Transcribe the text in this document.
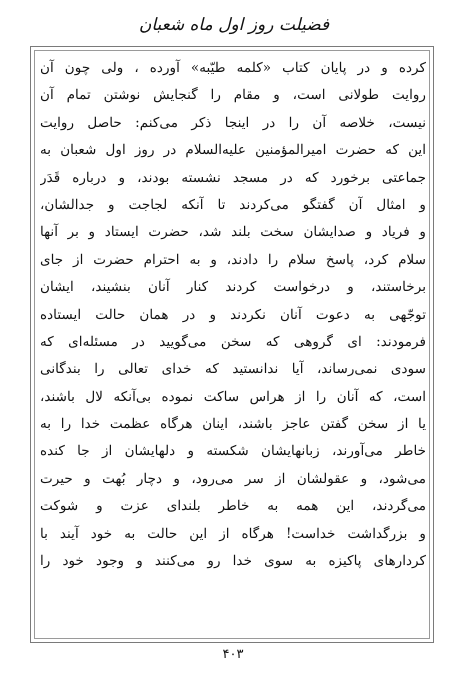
فضیلت روز اول ماه شعبان
کرده و در پایان کتاب «کلمه طیّبه» آورده ، ولی چون آن
روایت طولانی است، و مقام را گنجایش نوشتن تمام آن
نیست، خلاصه آن را در اینجا ذکر می‌کنم: حاصل روایت
این که حضرت امیرالمؤمنین عليه‌السلام در روز اول شعبان به
جماعتی برخورد که در مسجد نشسته بودند، و درباره قَدَر
و امثال آن گفتگو می‌کردند تا آنکه لجاجت و جدالشان،
و فریاد و صدایشان سخت بلند شد، حضرت ایستاد و بر آنها
سلام کرد، پاسخ سلام را دادند، و به احترام حضرت از جای
برخاستند، و درخواست کردند کنار آنان بنشیند، ایشان
توجّهی به دعوت آنان نکردند و در همان حالت ایستاده
فرمودند: ای گروهی که سخن می‌گویید در مسئله‌ای که
سودی نمی‌رساند، آیا ندانستید که خدای تعالی را بندگانی
است، که آنان را از هراس ساکت نموده بی‌آنکه لال باشند،
یا از سخن گفتن عاجز باشند، اینان هرگاه عظمت خدا را به
خاطر می‌آورند، زبانهایشان شکسته و دلهایشان از جا کنده
می‌شود، و عقولشان از سر می‌رود، و دچار بُهت و حیرت
می‌گردند، این همه به خاطر بلندای عزت و شوکت
و بزرگداشت خداست! هرگاه از این حالت به خود آیند با
کردارهای پاکیزه به سوی خدا رو می‌کنند و وجود خود را
۴۰۳
